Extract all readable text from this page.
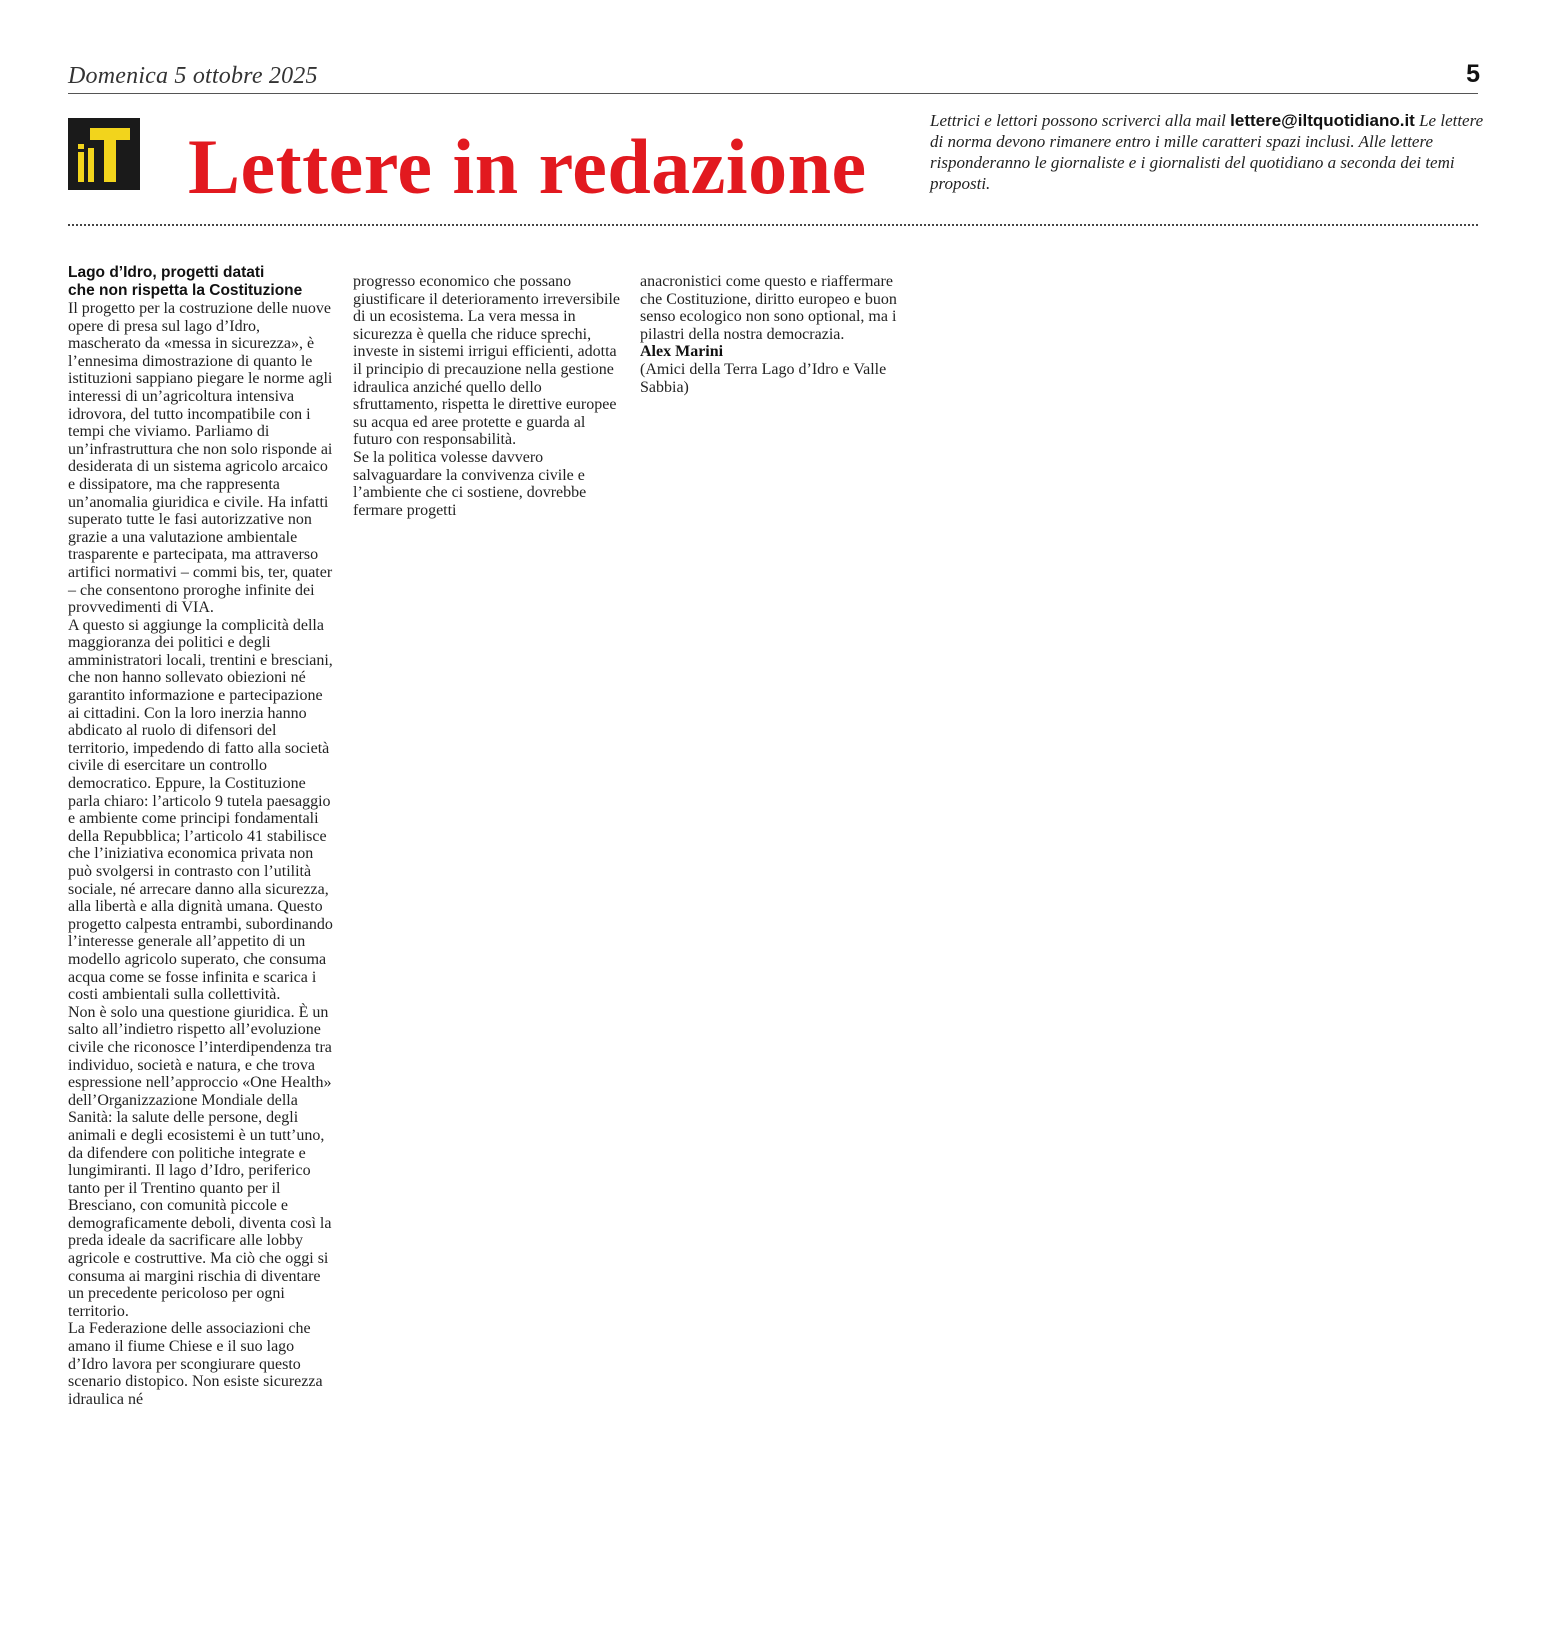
Domenica 5 ottobre 2025	5
Lettere in redazione
Lettrici e lettori possono scriverci alla mail lettere@iltquotidiano.it Le lettere di norma devono rimanere entro i mille caratteri spazi inclusi. Alle lettere risponderanno le giornaliste e i giornalisti del quotidiano a seconda dei temi proposti.
Lago d’Idro, progetti datati
che non rispetta la Costituzione

Il progetto per la costruzione delle nuove opere di presa sul lago d’Idro, mascherato da «messa in sicurezza», è l’ennesima dimostrazione di quanto le istituzioni sappiano piegare le norme agli interessi di un’agricoltura intensiva idrovora, del tutto incompatibile con i tempi che viviamo. Parliamo di un’infrastruttura che non solo risponde ai desiderata di un sistema agricolo arcaico e dissipatore, ma che rappresenta un’anomalia giuridica e civile. Ha infatti superato tutte le fasi autorizzative non grazie a una valutazione ambientale trasparente e partecipata, ma attraverso artifici normativi – commi bis, ter, quater – che consentono proroghe infinite dei provvedimenti di VIA.

A questo si aggiunge la complicità della maggioranza dei politici e degli amministratori locali, trentini e bresciani, che non hanno sollevato obiezioni né garantito informazione e partecipazione ai cittadini. Con la loro inerzia hanno abdicato al ruolo di difensori del territorio, impedendo di fatto alla società civile di esercitare un controllo democratico. Eppure, la Costituzione parla chiaro: l’articolo 9 tutela paesaggio e ambiente come principi fondamentali della Repubblica; l’articolo 41 stabilisce che l’iniziativa economica privata non può svolgersi in contrasto con l’utilità sociale, né arrecare danno alla sicurezza, alla libertà e alla dignità umana. Questo progetto calpesta entrambi, subordinando l’interesse generale all’appetito di un modello agricolo superato, che consuma acqua come se fosse infinita e scarica i costi ambientali sulla collettività.

Non è solo una questione giuridica. È un salto all’indietro rispetto all’evoluzione civile che riconosce l’interdipendenza tra individuo, società e natura, e che trova espressione nell’approccio «One Health» dell’Organizzazione Mondiale della Sanità: la salute delle persone, degli animali e degli ecosistemi è un tutt’uno, da difendere con politiche integrate e lungimiranti. Il lago d’Idro, periferico tanto per il Trentino quanto per il Bresciano, con comunità piccole e demograficamente deboli, diventa così la preda ideale da sacrificare alle lobby agricole e costruttive. Ma ciò che oggi si consuma ai margini rischia di diventare un precedente pericoloso per ogni territorio.

La Federazione delle associazioni che amano il fiume Chiese e il suo lago d’Idro lavora per scongiurare questo scenario distopico. Non esiste sicurezza idraulica né

progresso economico che possano giustificare il deterioramento irreversibile di un ecosistema. La vera messa in sicurezza è quella che riduce sprechi, investe in sistemi irrigui efficienti, adotta il principio di precauzione nella gestione idraulica anziché quello dello sfruttamento, rispetta le direttive europee su acqua ed aree protette e guarda al futuro con responsabilità.

Se la politica volesse davvero salvaguardare la convivenza civile e l’ambiente che ci sostiene, dovrebbe fermare progetti

anacronistici come questo e riaffermare che Costituzione, diritto europeo e buon senso ecologico non sono optional, ma i pilastri della nostra democrazia.

Alex Marini
(Amici della Terra Lago d’Idro e Valle Sabbia)
